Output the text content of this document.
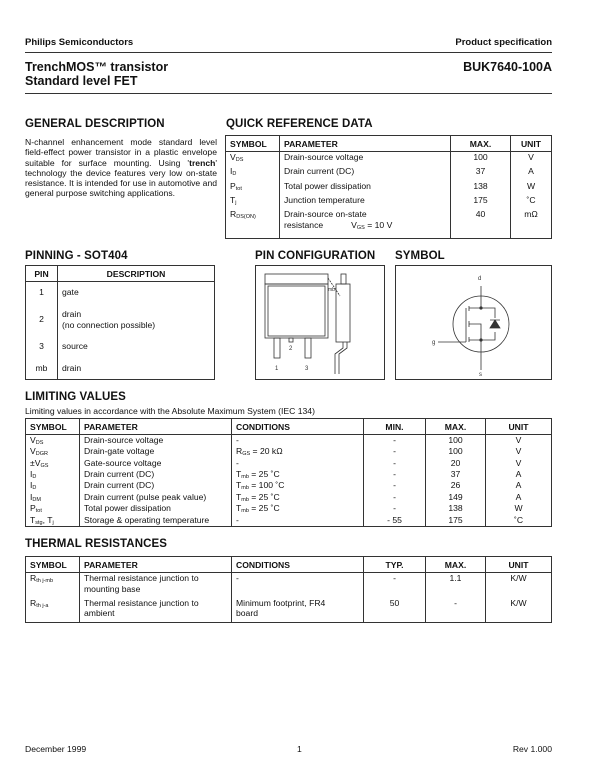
Philips Semiconductors	Product specification
TrenchMOS™ transistor
Standard level FET
BUK7640-100A
GENERAL DESCRIPTION
N-channel enhancement mode standard level field-effect power transistor in a plastic envelope suitable for surface mounting. Using 'trench' technology the device features very low on-state resistance. It is intended for use in automotive and general purpose switching applications.
QUICK REFERENCE DATA
SYMBOL	PARAMETER	MAX.	UNIT
$V_{DS}$	Drain-source voltage	100	V
$I_D$	Drain current (DC)	37	A
$P_{tot}$	Total power dissipation	138	W
$T_j$	Junction temperature	175	˚C
$R_{DS(ON)}$	Drain-source on-state
resistance $V_{GS} = 10$ V	40	mΩ
PINNING - SOT404
PIN	DESCRIPTION
1	gate
2	drain
(no connection possible)
3	source
mb	drain
PIN CONFIGURATION
mb
2
1	3
SYMBOL
d
g
s
LIMITING VALUES
Limiting values in accordance with the Absolute Maximum System (IEC 134)
SYMBOL	PARAMETER	CONDITIONS	MIN.	MAX.	UNIT
$V_{DS}$	Drain-source voltage	-	-	100	V
$V_{DGR}$	Drain-gate voltage	$R_{GS} = 20$ kΩ	-	100	V
$\pm V_{GS}$	Gate-source voltage	-	-	20	V
$I_D$	Drain current (DC)	$T_{mb} = 25$ ˚C	-	37	A
$I_D$	Drain current (DC)	$T_{mb} = 100$ ˚C	-	26	A
$I_{DM}$	Drain current (pulse peak value)	$T_{mb} = 25$ ˚C	-	149	A
$P_{tot}$	Total power dissipation	$T_{mb} = 25$ ˚C	-	138	W
$T_{stg}$, $T_j$	Storage & operating temperature	-	- 55	175	˚C
THERMAL RESISTANCES
SYMBOL	PARAMETER	CONDITIONS	TYP.	MAX.	UNIT
$R_{th j-mb}$	Thermal resistance junction to
mounting base	-	-	1.1	K/W
$R_{th j-a}$	Thermal resistance junction to
ambient	Minimum footprint, FR4
board	50	-	K/W
December 1999	1	Rev 1.000
